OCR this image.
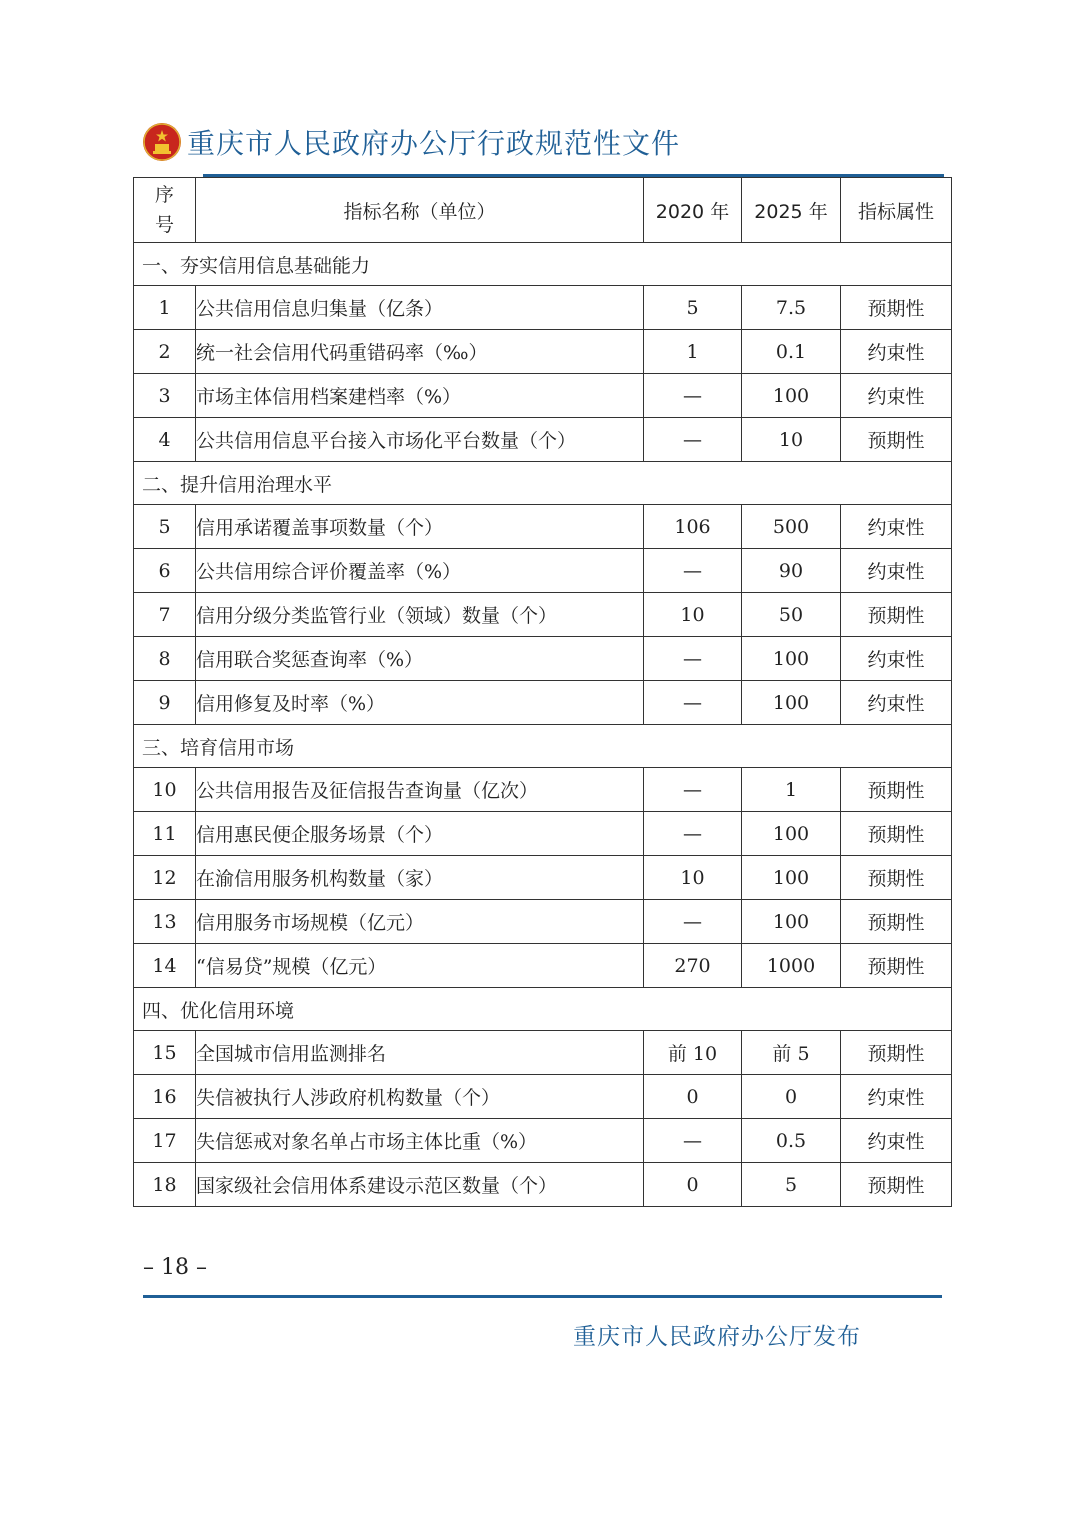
重庆市人民政府办公厅行政规范性文件
序
号	指标名称（单位）	2020 年	2025 年	指标属性
一、夯实信用信息基础能力				
1	公共信用信息归集量（亿条）	5	7.5	预期性
2	统一社会信用代码重错码率（‰）	1	0.1	约束性
3	市场主体信用档案建档率（%）	—	100	约束性
4	公共信用信息平台接入市场化平台数量（个）	—	10	预期性
二、提升信用治理水平				
5	信用承诺覆盖事项数量（个）	106	500	约束性
6	公共信用综合评价覆盖率（%）	—	90	约束性
7	信用分级分类监管行业（领域）数量（个）	10	50	预期性
8	信用联合奖惩查询率（%）	—	100	约束性
9	信用修复及时率（%）	—	100	约束性
三、培育信用市场				
10	公共信用报告及征信报告查询量（亿次）	—	1	预期性
11	信用惠民便企服务场景（个）	—	100	预期性
12	在渝信用服务机构数量（家）	10	100	预期性
13	信用服务市场规模（亿元）	—	100	预期性
14	“信易贷”规模（亿元）	270	1000	预期性
四、优化信用环境				
15	全国城市信用监测排名	前 10	前 5	预期性
16	失信被执行人涉政府机构数量（个）	0	0	约束性
17	失信惩戒对象名单占市场主体比重（%）	—	0.5	约束性
18	国家级社会信用体系建设示范区数量（个）	0	5	预期性
– 18 –
重庆市人民政府办公厅发布
